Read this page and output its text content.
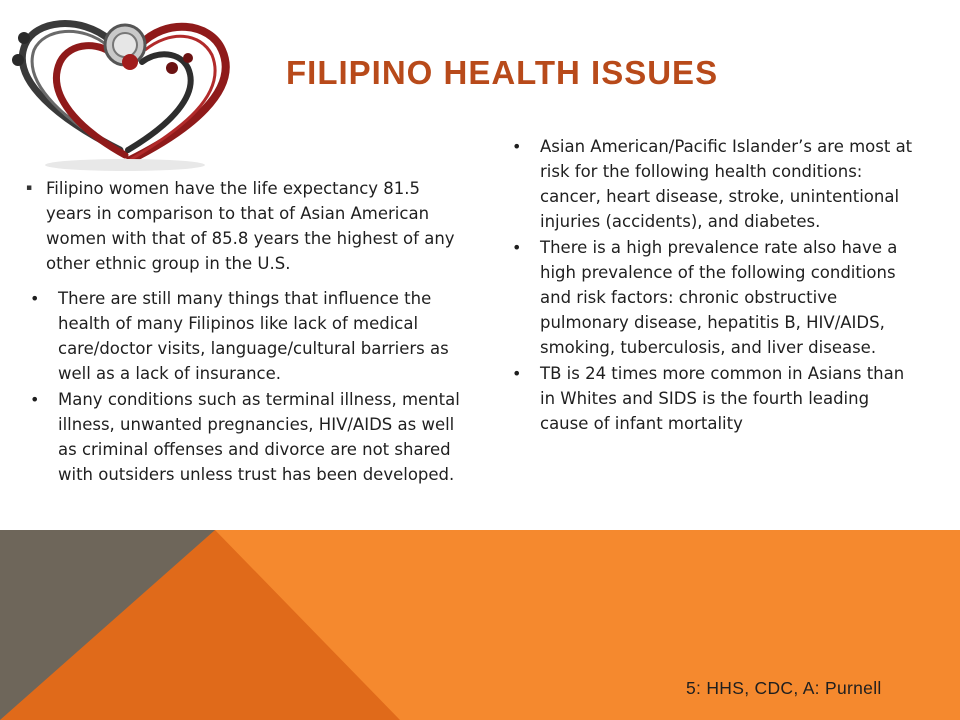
FILIPINO HEALTH ISSUES

▪ Filipino women have the life expectancy 81.5 years in comparison to that of Asian American women with that of 85.8 years the highest of any other ethnic group in the U.S.

•	There are still many things that influence the health of many Filipinos like lack of medical care/doctor visits, language/cultural barriers as well as a lack of insurance.

•	Many conditions such as terminal illness, mental illness, unwanted pregnancies, HIV/AIDS as well as criminal offenses and divorce are not shared with outsiders unless trust has been developed.

•	Asian American/Pacific Islander’s are most at risk for the following health conditions: cancer, heart disease, stroke, unintentional injuries (accidents), and diabetes.

•	There is a high prevalence rate also have a high prevalence of the following conditions and risk factors: chronic obstructive pulmonary disease, hepatitis B, HIV/AIDS, smoking, tuberculosis, and liver disease.

•	TB is 24 times more common in Asians than in Whites and SIDS is the fourth leading cause of infant mortality

5: HHS, CDC, A: Purnell
